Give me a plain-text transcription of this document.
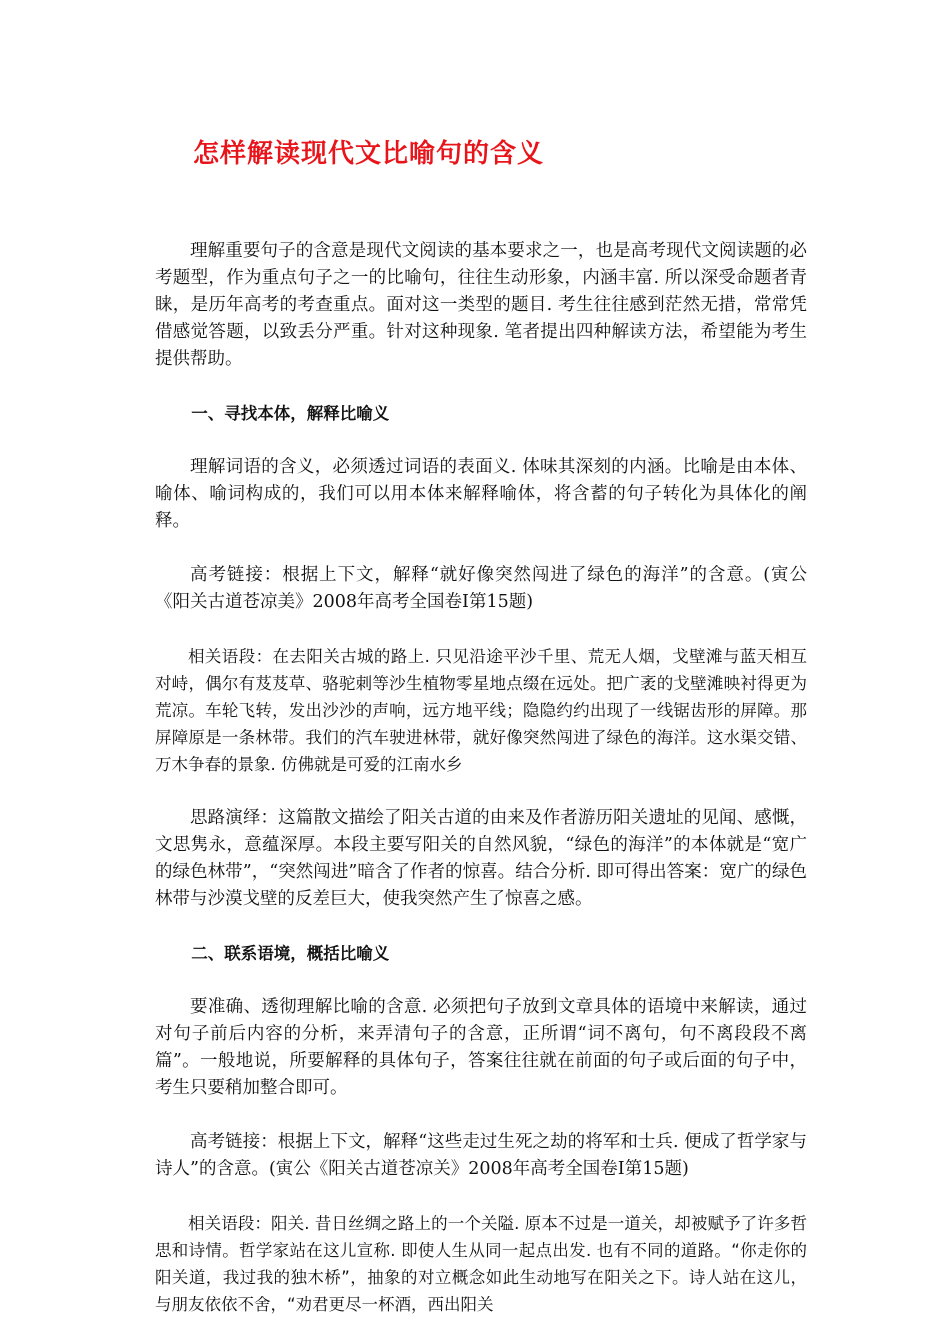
怎样解读现代文比喻句的含义

理解重要句子的含意是现代文阅读的基本要求之一，也是高考现代文阅读题的必考题型，作为重点句子之一的比喻句，往往生动形象，内涵丰富. 所以深受命题者青睐，是历年高考的考查重点。面对这一类型的题目. 考生往往感到茫然无措，常常凭借感觉答题，以致丢分严重。针对这种现象. 笔者提出四种解读方法，希望能为考生提供帮助。

一、寻找本体，解释比喻义

理解词语的含义，必须透过词语的表面义. 体味其深刻的内涵。比喻是由本体、喻体、喻词构成的，我们可以用本体来解释喻体，将含蓄的句子转化为具体化的阐释。

高考链接：根据上下文，解释“就好像突然闯进了绿色的海洋”的含意。(寅公《阳关古道苍凉美》2008年高考全国卷Ⅰ第15题)

相关语段：在去阳关古城的路上. 只见沿途平沙千里、荒无人烟，戈壁滩与蓝天相互对峙，偶尔有芨芨草、骆驼刺等沙生植物零星地点缀在远处。把广袤的戈壁滩映衬得更为荒凉。车轮飞转，发出沙沙的声响，远方地平线；隐隐约约出现了一线锯齿形的屏障。那屏障原是一条林带。我们的汽车驶进林带，就好像突然闯进了绿色的海洋。这水渠交错、万木争春的景象. 仿佛就是可爱的江南水乡

思路演绎：这篇散文描绘了阳关古道的由来及作者游历阳关遗址的见闻、感慨，文思隽永，意蕴深厚。本段主要写阳关的自然风貌，“绿色的海洋”的本体就是“宽广的绿色林带”，“突然闯进”暗含了作者的惊喜。结合分析. 即可得出答案：宽广的绿色林带与沙漠戈壁的反差巨大，使我突然产生了惊喜之感。

二、联系语境，概括比喻义

要准确、透彻理解比喻的含意. 必须把句子放到文章具体的语境中来解读，通过对句子前后内容的分析，来弄清句子的含意，正所谓“词不离句，句不离段段不离篇”。一般地说，所要解释的具体句子，答案往往就在前面的句子或后面的句子中，考生只要稍加整合即可。

高考链接：根据上下文，解释“这些走过生死之劫的将军和士兵. 便成了哲学家与诗人”的含意。(寅公《阳关古道苍凉关》2008年高考全国卷Ⅰ第15题)

相关语段：阳关. 昔日丝绸之路上的一个关隘. 原本不过是一道关，却被赋予了许多哲思和诗情。哲学家站在这儿宣称. 即使人生从同一起点出发. 也有不同的道路。“你走你的阳关道，我过我的独木桥”，抽象的对立概念如此生动地写在阳关之下。诗人站在这儿，与朋友依依不舍，“劝君更尽一杯酒，西出阳关
